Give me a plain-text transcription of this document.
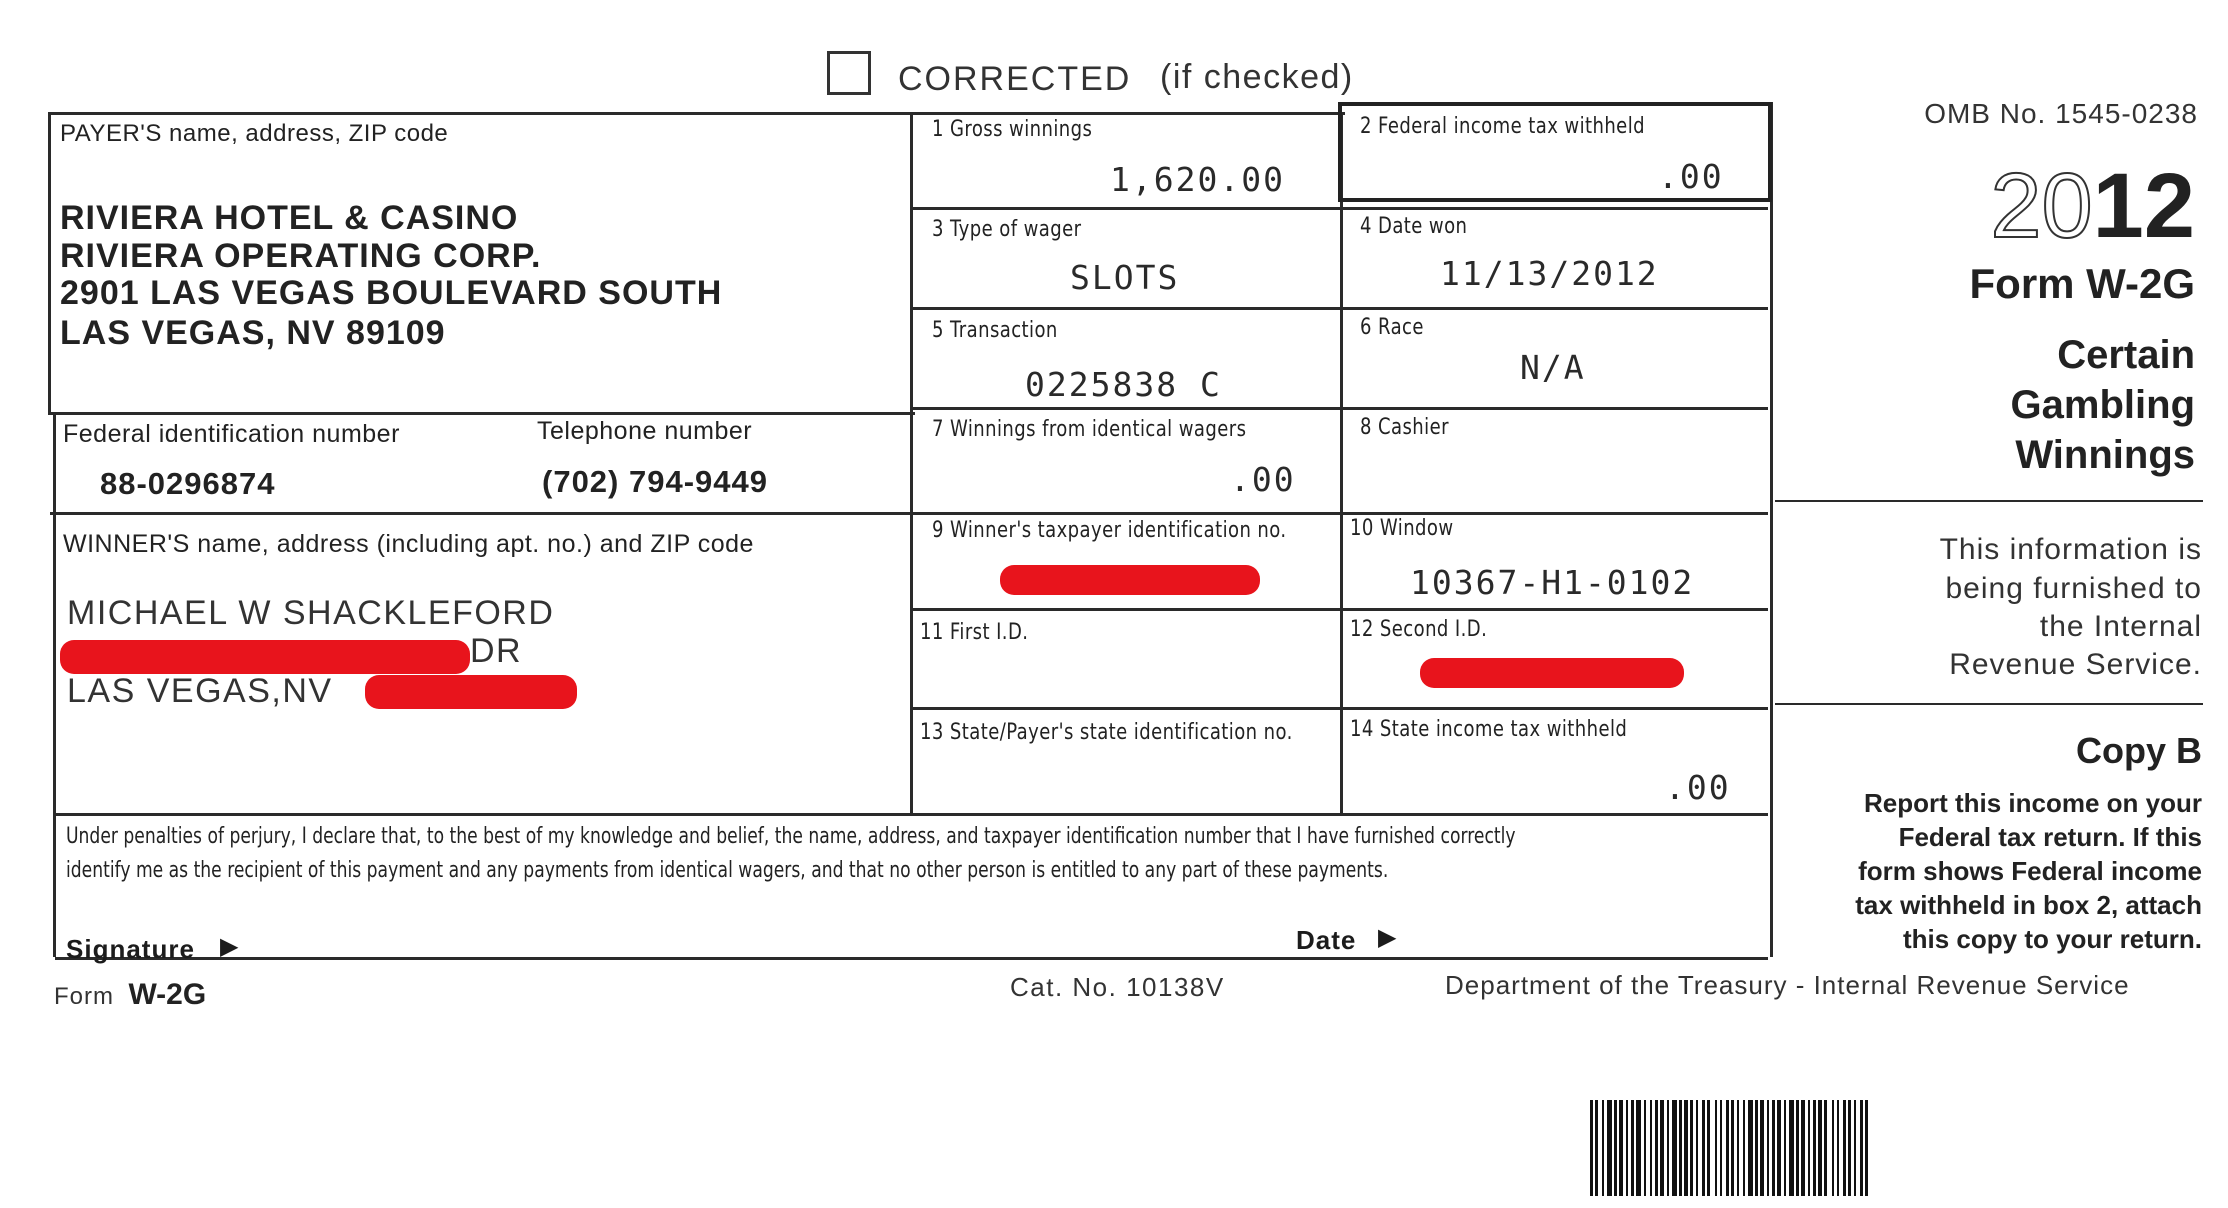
CORRECTED (if checked)
PAYER'S name, address, ZIP code
RIVIERA HOTEL & CASINO
RIVIERA OPERATING CORP.
2901 LAS VEGAS BOULEVARD SOUTH
LAS VEGAS, NV 89109
Federal identification number
88-0296874
Telephone number
(702) 794-9449
WINNER'S name, address (including apt. no.) and ZIP code
MICHAEL W SHACKLEFORD
DR
LAS VEGAS,NV
1 Gross winnings
1,620.00
2 Federal income tax withheld
.00
3 Type of wager
SLOTS
4 Date won
11/13/2012
5 Transaction
0225838 C
6 Race
N/A
7 Winnings from identical wagers
.00
8 Cashier
9 Winner's taxpayer identification no.	10 Window
10367-H1-0102
11 First I.D.	12 Second I.D.
13 State/Payer's state identification no.	14 State income tax withheld
.00
Under penalties of perjury, I declare that, to the best of my knowledge and belief, the name, address, and taxpayer identification number that I have furnished correctly
identify me as the recipient of this payment and any payments from identical wagers, and that no other person is entitled to any part of these payments.
Signature ▶	Date ▶
OMB No. 1545-0238
2012
Form W-2G
Certain
Gambling
Winnings
This information is
being furnished to
the Internal
Revenue Service.
Copy B
Report this income on your
Federal tax return. If this
form shows Federal income
tax withheld in box 2, attach
this copy to your return.
Form W-2G	Cat. No. 10138V	Department of the Treasury - Internal Revenue Service
